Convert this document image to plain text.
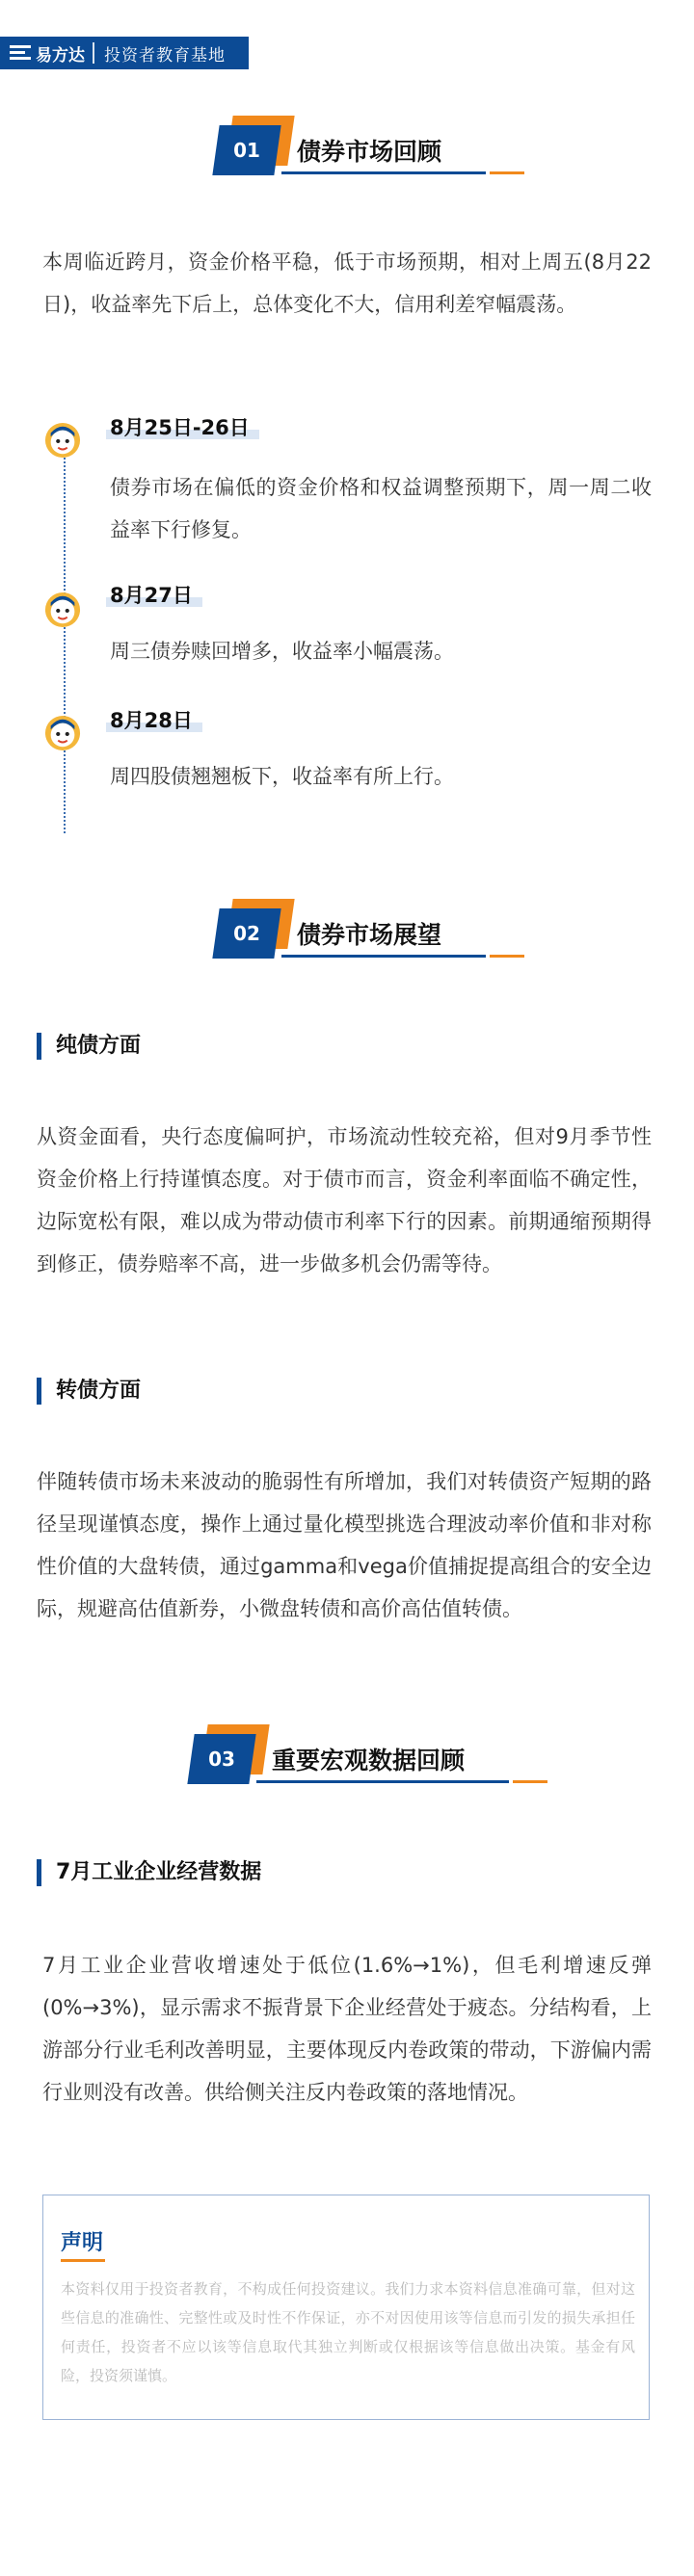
易方达 投资者教育基地
01	债券市场回顾
本周临近跨月，资金价格平稳，低于市场预期，相对上周五(8月22日)，收益率先下后上，总体变化不大，信用利差窄幅震荡。
8月25日-26日
债券市场在偏低的资金价格和权益调整预期下，周一周二收益率下行修复。
8月27日
周三债券赎回增多，收益率小幅震荡。
8月28日
周四股债翘翘板下，收益率有所上行。
02	债券市场展望
纯债方面
从资金面看，央行态度偏呵护，市场流动性较充裕，但对9月季节性资金价格上行持谨慎态度。对于债市而言，资金利率面临不确定性，边际宽松有限，难以成为带动债市利率下行的因素。前期通缩预期得到修正，债券赔率不高，进一步做多机会仍需等待。
转债方面
伴随转债市场未来波动的脆弱性有所增加，我们对转债资产短期的路径呈现谨慎态度，操作上通过量化模型挑选合理波动率价值和非对称性价值的大盘转债，通过gamma和vega价值捕捉提高组合的安全边际，规避高估值新券，小微盘转债和高价高估值转债。
03	重要宏观数据回顾
7月工业企业经营数据
7月工业企业营收增速处于低位(1.6%→1%)，但毛利增速反弹(0%→3%)，显示需求不振背景下企业经营处于疲态。分结构看，上游部分行业毛利改善明显，主要体现反内卷政策的带动，下游偏内需行业则没有改善。供给侧关注反内卷政策的落地情况。
声明
本资料仅用于投资者教育，不构成任何投资建议。我们力求本资料信息准确可靠，但对这些信息的准确性、完整性或及时性不作保证，亦不对因使用该等信息而引发的损失承担任何责任，投资者不应以该等信息取代其独立判断或仅根据该等信息做出决策。基金有风险，投资须谨慎。
